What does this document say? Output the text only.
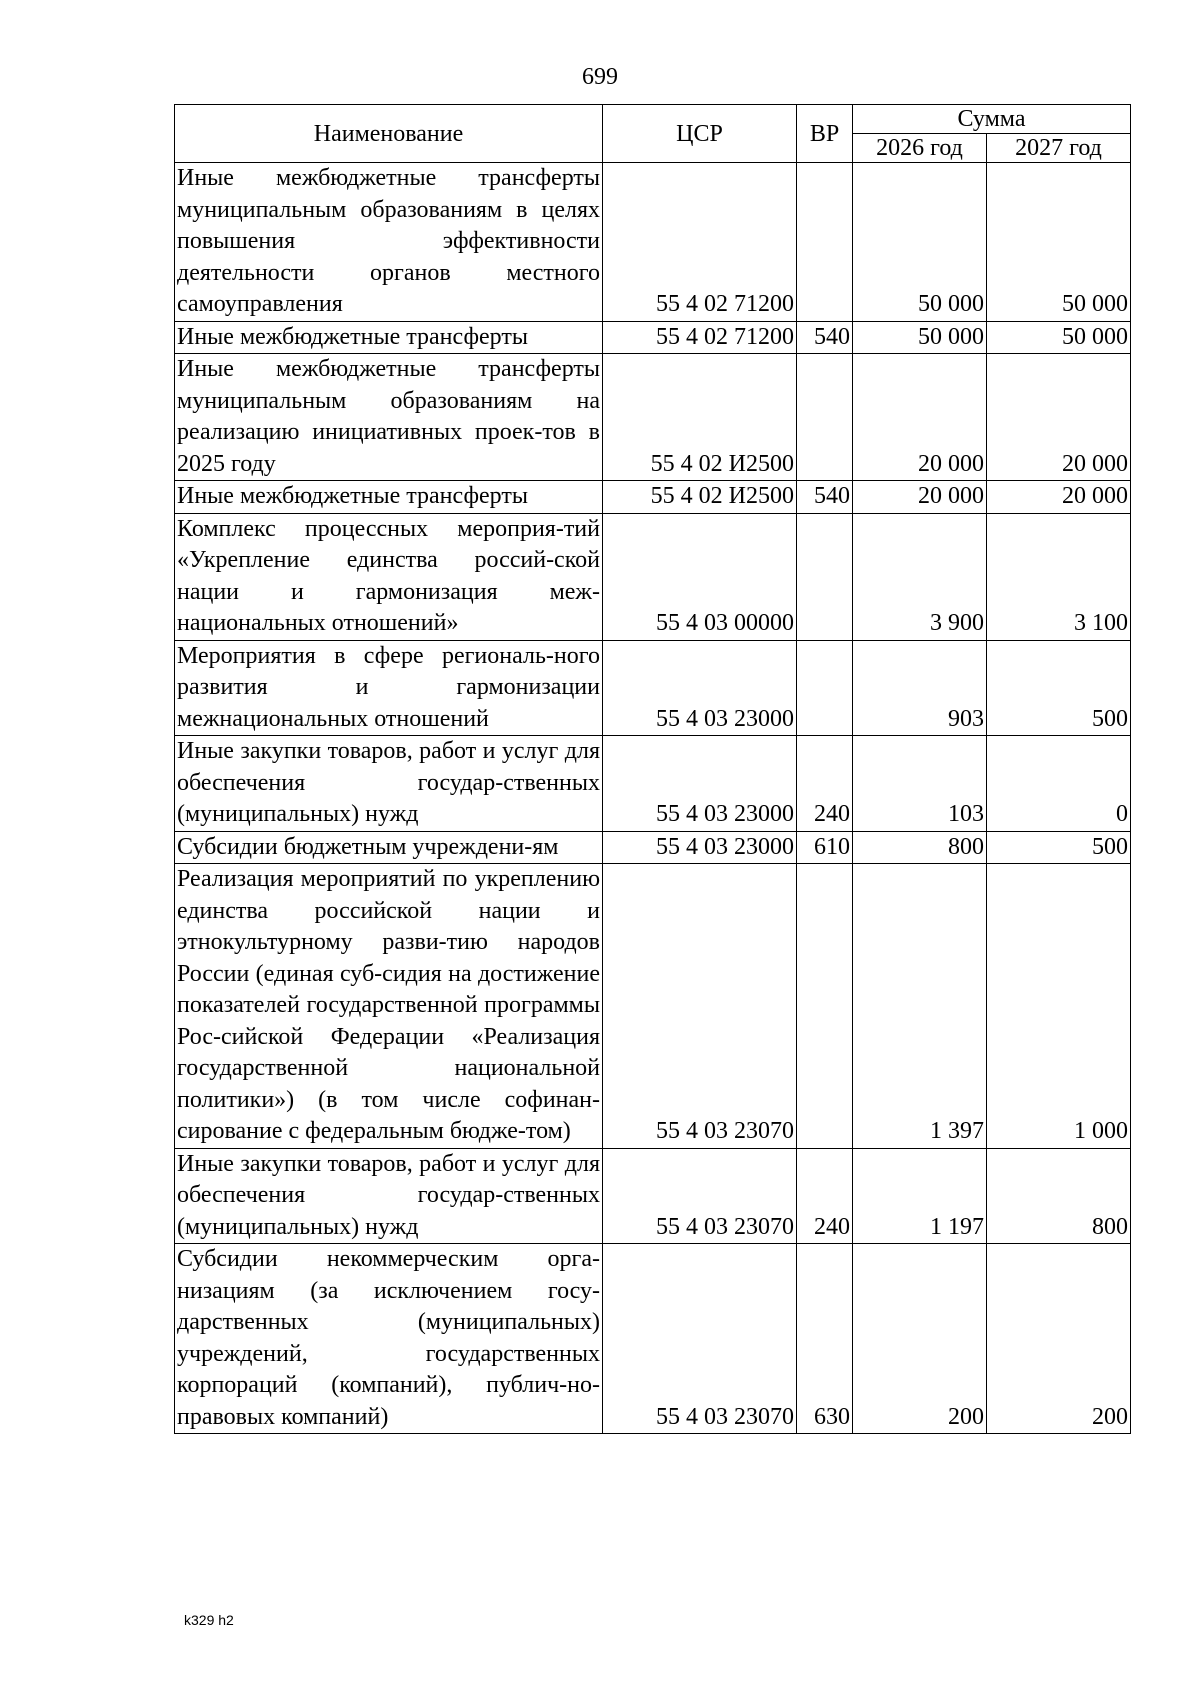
699
Наименование	ЦСР	ВР	Сумма	
			2026 год	2027 год
Иные межбюджетные трансферты муниципальным образованиям в целях повышения эффективности деятельности органов местного самоуправления	55 4 02 71200		50 000	50 000
Иные межбюджетные трансферты	55 4 02 71200	540	50 000	50 000
Иные межбюджетные трансферты муниципальным образованиям на реализацию инициативных проек-тов в 2025 году	55 4 02 И2500		20 000	20 000
Иные межбюджетные трансферты	55 4 02 И2500	540	20 000	20 000
Комплекс процессных мероприя-тий «Укрепление единства россий-ской нации и гармонизация меж-национальных отношений»	55 4 03 00000		3 900	3 100
Мероприятия в сфере региональ-ного развития и гармонизации межнациональных отношений	55 4 03 23000		903	500
Иные закупки товаров, работ и услуг для обеспечения государ-ственных (муниципальных) нужд	55 4 03 23000	240	103	0
Субсидии бюджетным учреждени-ям	55 4 03 23000	610	800	500
Реализация мероприятий по укреплению единства российской нации и этнокультурному разви-тию народов России (единая суб-сидия на достижение показателей государственной программы Рос-сийской Федерации «Реализация государственной национальной политики») (в том числе софинан-сирование с федеральным бюдже-том)	55 4 03 23070		1 397	1 000
Иные закупки товаров, работ и услуг для обеспечения государ-ственных (муниципальных) нужд	55 4 03 23070	240	1 197	800
Субсидии некоммерческим орга-низациям (за исключением госу-дарственных (муниципальных) учреждений, государственных корпораций (компаний), публич-но-правовых компаний)	55 4 03 23070	630	200	200
k329 h2
